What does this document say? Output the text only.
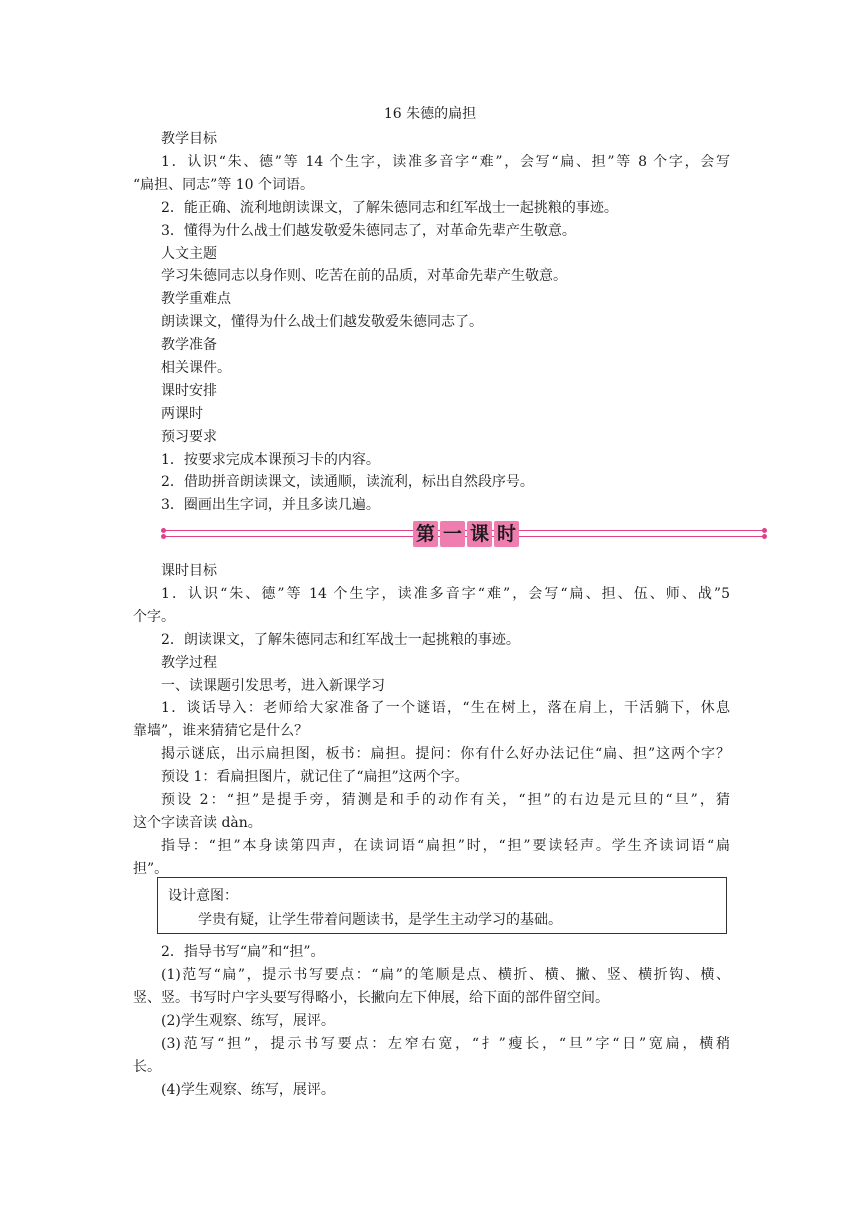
16 朱德的扁担
教学目标
1．认识“朱、德”等 14 个生字，读准多音字“难”，会写“扁、担”等 8 个字，会写
“扁担、同志”等 10 个词语。
2．能正确、流利地朗读课文，了解朱德同志和红军战士一起挑粮的事迹。
3．懂得为什么战士们越发敬爱朱德同志了，对革命先辈产生敬意。
人文主题
学习朱德同志以身作则、吃苦在前的品质，对革命先辈产生敬意。
教学重难点
朗读课文，懂得为什么战士们越发敬爱朱德同志了。
教学准备
相关课件。
课时安排
两课时
预习要求
1．按要求完成本课预习卡的内容。
2．借助拼音朗读课文，读通顺，读流利，标出自然段序号。
3．圈画出生字词，并且多读几遍。
课时目标
1．认识“朱、德”等 14 个生字，读准多音字“难”，会写“扁、担、伍、师、战”5
个字。
2．朗读课文，了解朱德同志和红军战士一起挑粮的事迹。
教学过程
一、读课题引发思考，进入新课学习
1．谈话导入：老师给大家准备了一个谜语，“生在树上，落在肩上，干活躺下，休息
靠墙”，谁来猜猜它是什么？
揭示谜底，出示扁担图，板书：扁担。提问：你有什么好办法记住“扁、担”这两个字？
预设 1：看扁担图片，就记住了“扁担”这两个字。
预设 2：“担”是提手旁，猜测是和手的动作有关，“担”的右边是元旦的“旦”，猜
这个字读音读 dàn。
指导：“担”本身读第四声，在读词语“扁担”时，“担”要读轻声。学生齐读词语“扁
担”。
2．指导书写“扁”和“担”。
(1)范写“扁”，提示书写要点：“扁”的笔顺是点、横折、横、撇、竖、横折钩、横、
竖、竖。书写时户字头要写得略小，长撇向左下伸展，给下面的部件留空间。
(2)学生观察、练写，展评。
(3)范写“担”，提示书写要点：左窄右宽，“扌”瘦长，“旦”字“日”宽扁，横稍
长。
(4)学生观察、练写，展评。
第 一 课 时
设计意图：
学贵有疑，让学生带着问题读书，是学生主动学习的基础。
